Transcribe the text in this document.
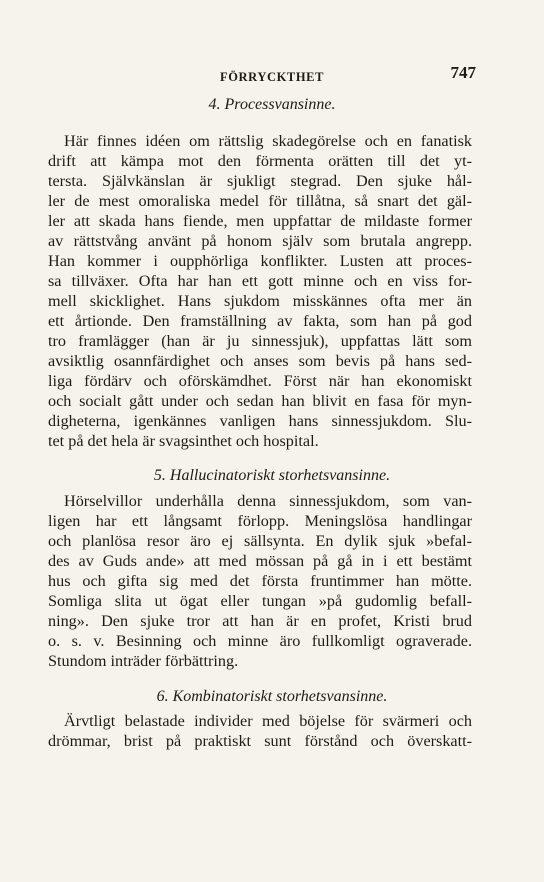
FÖRRYCKTHET	747
4. Processvansinne.
Här finnes idéen om rättslig skadegörelse och en fanatisk
drift att kämpa mot den förmenta orätten till det yt-
tersta. Självkänslan är sjukligt stegrad. Den sjuke hål-
ler de mest omoraliska medel för tillåtna, så snart det gäl-
ler att skada hans fiende, men uppfattar de mildaste former
av rättstvång använt på honom själv som brutala angrepp.
Han kommer i oupphörliga konflikter. Lusten att proces-
sa tillväxer. Ofta har han ett gott minne och en viss for-
mell skicklighet. Hans sjukdom misskännes ofta mer än
ett årtionde. Den framställning av fakta, som han på god
tro framlägger (han är ju sinnessjuk), uppfattas lätt som
avsiktlig osannfärdighet och anses som bevis på hans sed-
liga fördärv och oförskämdhet. Först när han ekonomiskt
och socialt gått under och sedan han blivit en fasa för myn-
digheterna, igenkännes vanligen hans sinnessjukdom. Slu-
tet på det hela är svagsinthet och hospital.
5. Hallucinatoriskt storhetsvansinne.
Hörselvillor underhålla denna sinnessjukdom, som van-
ligen har ett långsamt förlopp. Meningslösa handlingar
och planlösa resor äro ej sällsynta. En dylik sjuk »befal-
des av Guds ande» att med mössan på gå in i ett bestämt
hus och gifta sig med det första fruntimmer han mötte.
Somliga slita ut ögat eller tungan »på gudomlig befall-
ning». Den sjuke tror att han är en profet, Kristi brud
o. s. v. Besinning och minne äro fullkomligt ograverade.
Stundom inträder förbättring.
6. Kombinatoriskt storhetsvansinne.
Ärvtligt belastade individer med böjelse för svärmeri och
drömmar, brist på praktiskt sunt förstånd och överskatt-
